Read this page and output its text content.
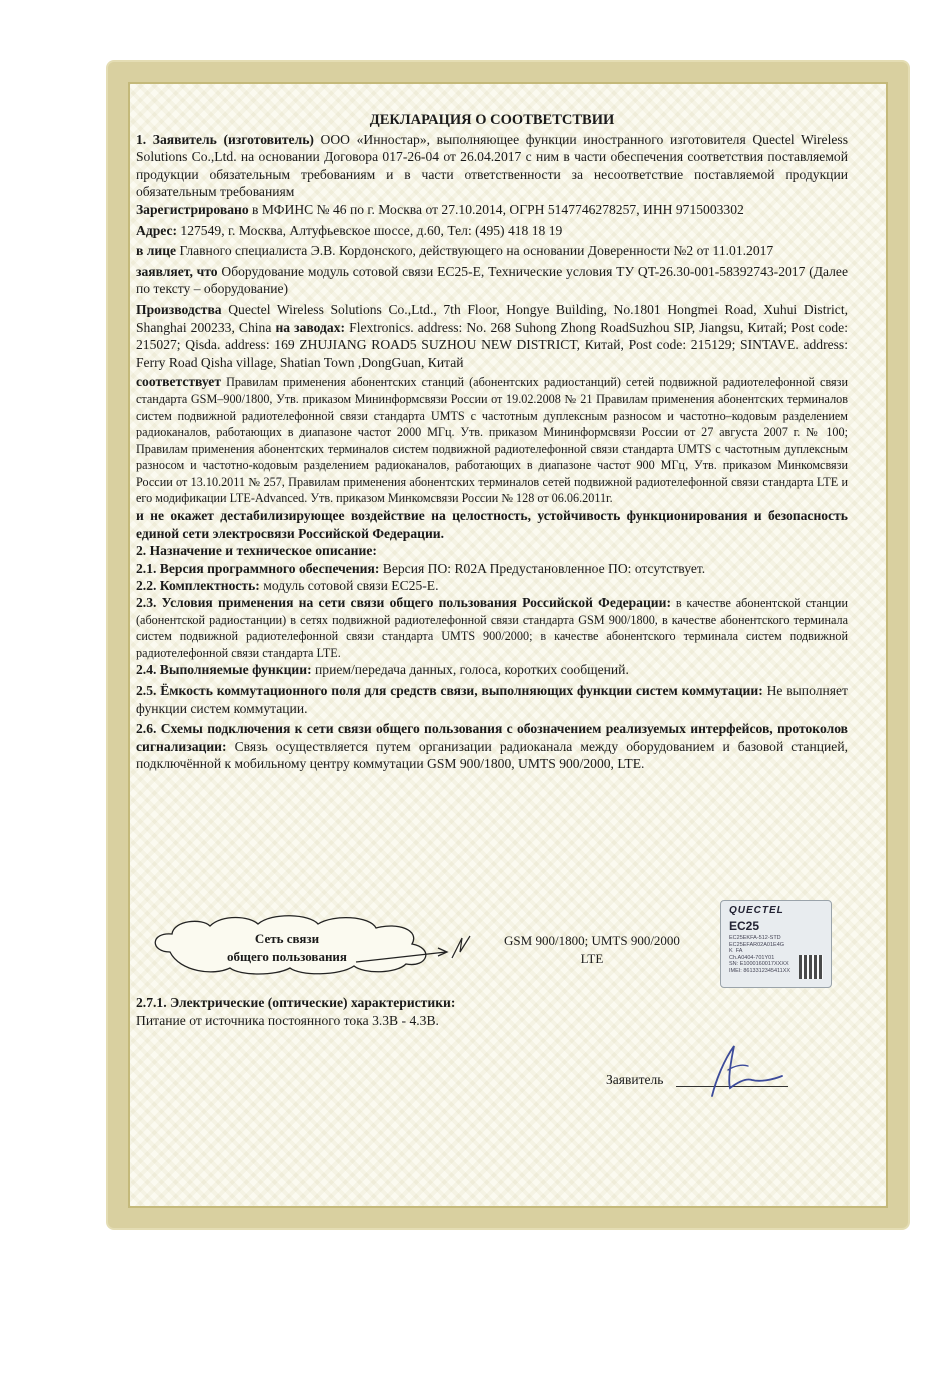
ДЕКЛАРАЦИЯ О СООТВЕТСТВИИ

1. Заявитель (изготовитель) ООО «Инностар», выполняющее функции иностранного изготовителя Quectel Wireless Solutions Co.,Ltd. на основании Договора 017-26-04 от 26.04.2017 с ним в части обеспечения соответствия поставляемой продукции обязательным требованиям и в части ответственности за несоответствие поставляемой продукции обязательным требованиям

Зарегистрировано в МФИНС № 46 по г. Москва от 27.10.2014, ОГРН 5147746278257, ИНН 9715003302

Адрес: 127549, г. Москва, Алтуфьевское шоссе, д.60, Тел: (495) 418 18 19

в лице Главного специалиста Э.В. Кордонского, действующего на основании Доверенности №2 от 11.01.2017

заявляет, что Оборудование модуль сотовой связи EC25-E, Технические условия ТУ QT-26.30-001-58392743-2017 (Далее по тексту – оборудование)

Производства Quectel Wireless Solutions Co.,Ltd., 7th Floor, Hongye Building, No.1801 Hongmei Road, Xuhui District, Shanghai 200233, China на заводах: Flextronics. address: No. 268 Suhong Zhong RoadSuzhou SIP, Jiangsu, Китай; Post code: 215027; Qisda. address: 169 ZHUJIANG ROAD5 SUZHOU NEW DISTRICT, Китай, Post code: 215129; SINTAVE. address: Ferry Road Qisha village, Shatian Town ,DongGuan, Китай

соответствует Правилам применения абонентских станций (абонентских радиостанций) сетей подвижной радиотелефонной связи стандарта GSM–900/1800, Утв. приказом Мининформсвязи России от 19.02.2008 № 21 Правилам применения абонентских терминалов систем подвижной радиотелефонной связи стандарта UMTS с частотным дуплексным разносом и частотно–кодовым разделением радиоканалов, работающих в диапазоне частот 2000 МГц. Утв. приказом Мининформсвязи России от 27 августа 2007 г. № 100; Правилам применения абонентских терминалов систем подвижной радиотелефонной связи стандарта UMTS с частотным дуплексным разносом и частотно-кодовым разделением радиоканалов, работающих в диапазоне частот 900 МГц, Утв. приказом Минкомсвязи России от 13.10.2011 № 257, Правилам применения абонентских терминалов сетей подвижной радиотелефонной связи стандарта LTE и его модификации LTE-Advanced. Утв. приказом Минкомсвязи России № 128 от 06.06.2011г.

и не окажет дестабилизирующее воздействие на целостность, устойчивость функционирования и безопасность единой сети электросвязи Российской Федерации.

2. Назначение и техническое описание:

2.1. Версия программного обеспечения: Версия ПО: R02A Предустановленное ПО: отсутствует.

2.2. Комплектность: модуль сотовой связи EC25-E.

2.3. Условия применения на сети связи общего пользования Российской Федерации: в качестве абонентской станции (абонентской радиостанции) в сетях подвижной радиотелефонной связи стандарта GSM 900/1800, в качестве абонентского терминала систем подвижной радиотелефонной связи стандарта UMTS 900/2000; в качестве абонентского терминала систем подвижной радиотелефонной связи стандарта LTE.

2.4. Выполняемые функции: прием/передача данных, голоса, коротких сообщений.

2.5. Ёмкость коммутационного поля для средств связи, выполняющих функции систем коммутации: Не выполняет функции систем коммутации.

2.6. Схемы подключения к сети связи общего пользования с обозначением реализуемых интерфейсов, протоколов сигнализации: Связь осуществляется путем организации радиоканала между оборудованием и базовой станцией, подключённой к мобильному центру коммутации GSM 900/1800, UMTS 900/2000, LTE.

Сеть связи
общего пользования
GSM 900/1800; UMTS 900/2000
LTE
QUECTEL
EC25
EC25EKFA-512-STD
EC25EFAR02A01E4G
K  FA
Ch.A0404-701Y01
SN: E1000160017XXXX
IMEI: 8613312345411XX

2.7.1. Электрические (оптические) характеристики:

Питание от источника постоянного тока 3.3В - 4.3В.

Заявитель
